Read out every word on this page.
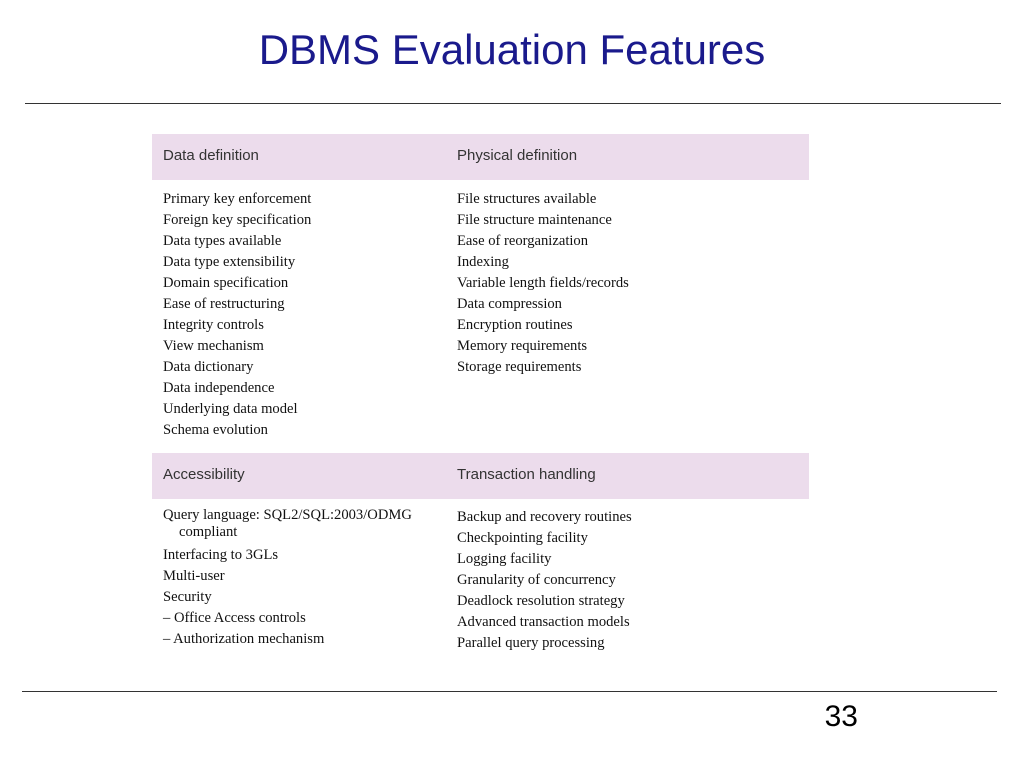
DBMS Evaluation Features
Data definition	Physical definition
Primary key enforcement
Foreign key specification
Data types available
Data type extensibility
Domain specification
Ease of restructuring
Integrity controls
View mechanism
Data dictionary
Data independence
Underlying data model
Schema evolution
File structures available
File structure maintenance
Ease of reorganization
Indexing
Variable length fields/records
Data compression
Encryption routines
Memory requirements
Storage requirements
Accessibility	Transaction handling
Query language: SQL2/SQL:2003/ODMG
compliant
Interfacing to 3GLs
Multi-user
Security
– Office Access controls
– Authorization mechanism
Backup and recovery routines
Checkpointing facility
Logging facility
Granularity of concurrency
Deadlock resolution strategy
Advanced transaction models
Parallel query processing
33
